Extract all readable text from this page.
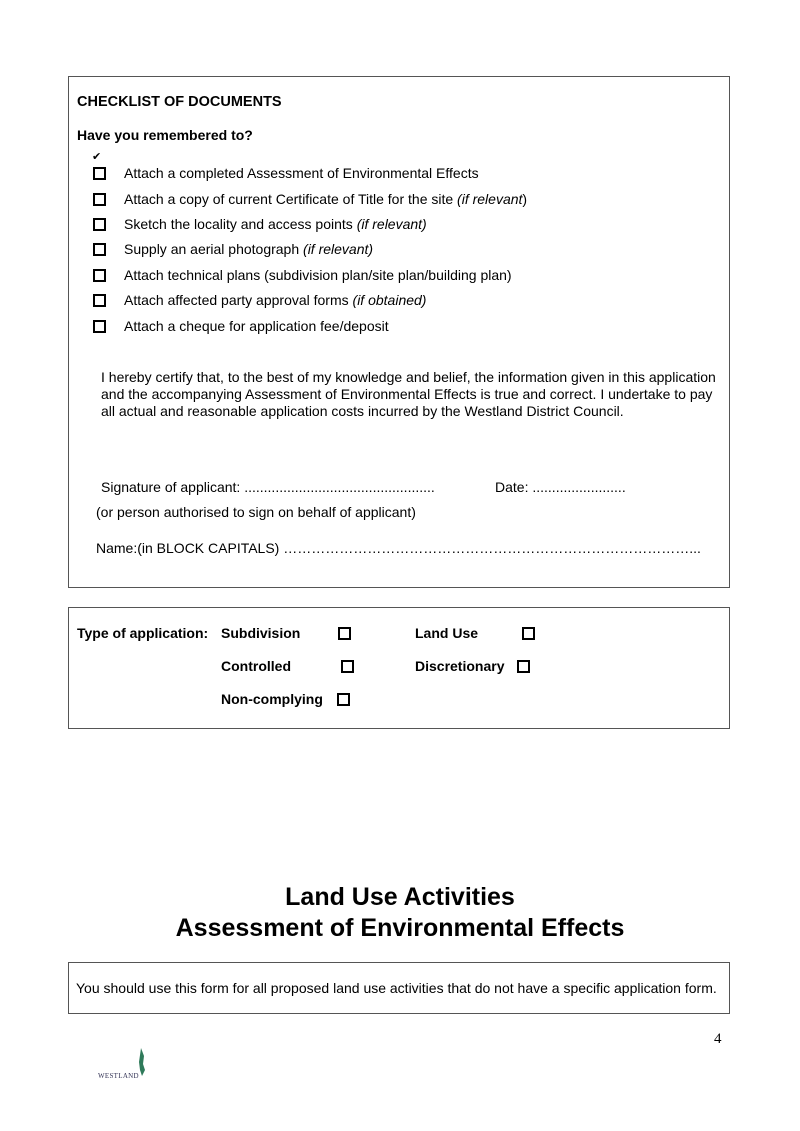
CHECKLIST OF DOCUMENTS
Have you remembered to?
✔
Attach a completed Assessment of Environmental Effects
Attach a copy of current Certificate of Title for the site (if relevant)
Sketch the locality and access points (if relevant)
Supply an aerial photograph (if relevant)
Attach technical plans (subdivision plan/site plan/building plan)
Attach affected party approval forms (if obtained)
Attach a cheque for application fee/deposit
I hereby certify that, to the best of my knowledge and belief, the information given in this application and the accompanying Assessment of Environmental Effects is true and correct. I undertake to pay all actual and reasonable application costs incurred by the Westland District Council.
Signature of applicant: .................................................	Date: ........................
(or person authorised to sign on behalf of applicant)
Name:(in BLOCK CAPITALS) ……………………………………………………………………………...
Type of application: Subdivision	Land Use
Controlled	Discretionary
Non-complying
Land Use Activities
Assessment of Environmental Effects
You should use this form for all proposed land use activities that do not have a specific application form.
4
WESTLAND
